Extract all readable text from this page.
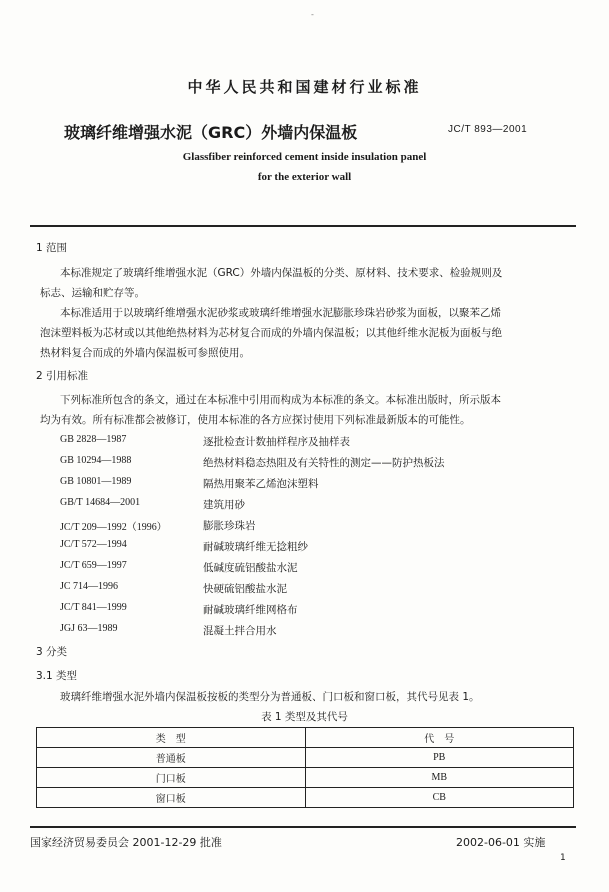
-
中华人民共和国建材行业标准
玻璃纤维增强水泥（GRC）外墙内保温板	JC/T 893—2001
Glassfiber reinforced cement inside insulation panel
for the exterior wall
1 范围
本标准规定了玻璃纤维增强水泥（GRC）外墙内保温板的分类、原材料、技术要求、检验规则及
标志、运输和贮存等。
本标准适用于以玻璃纤维增强水泥砂浆或玻璃纤维增强水泥膨胀珍珠岩砂浆为面板，以聚苯乙烯
泡沫塑料板为芯材或以其他绝热材料为芯材复合而成的外墙内保温板；以其他纤维水泥板为面板与绝
热材料复合而成的外墙内保温板可参照使用。
2 引用标准
下列标准所包含的条文，通过在本标准中引用而构成为本标准的条文。本标准出版时，所示版本
均为有效。所有标准都会被修订，使用本标准的各方应探讨使用下列标准最新版本的可能性。
GB 2828—1987	逐批检查计数抽样程序及抽样表
GB 10294—1988	绝热材料稳态热阻及有关特性的测定——防护热板法
GB 10801—1989	隔热用聚苯乙烯泡沫塑料
GB/T 14684—2001	建筑用砂
JC/T 209—1992（1996）	膨胀珍珠岩
JC/T 572—1994	耐碱玻璃纤维无捻粗纱
JC/T 659—1997	低碱度硫铝酸盐水泥
JC 714—1996	快硬硫铝酸盐水泥
JC/T 841—1999	耐碱玻璃纤维网格布
JGJ 63—1989	混凝土拌合用水
3 分类
3.1 类型
玻璃纤维增强水泥外墙内保温板按板的类型分为普通板、门口板和窗口板，其代号见表 1。
表 1 类型及其代号
类　型	代　号
普通板	PB
门口板	MB
窗口板	CB
国家经济贸易委员会 2001-12-29 批准	2002-06-01 实施
1
